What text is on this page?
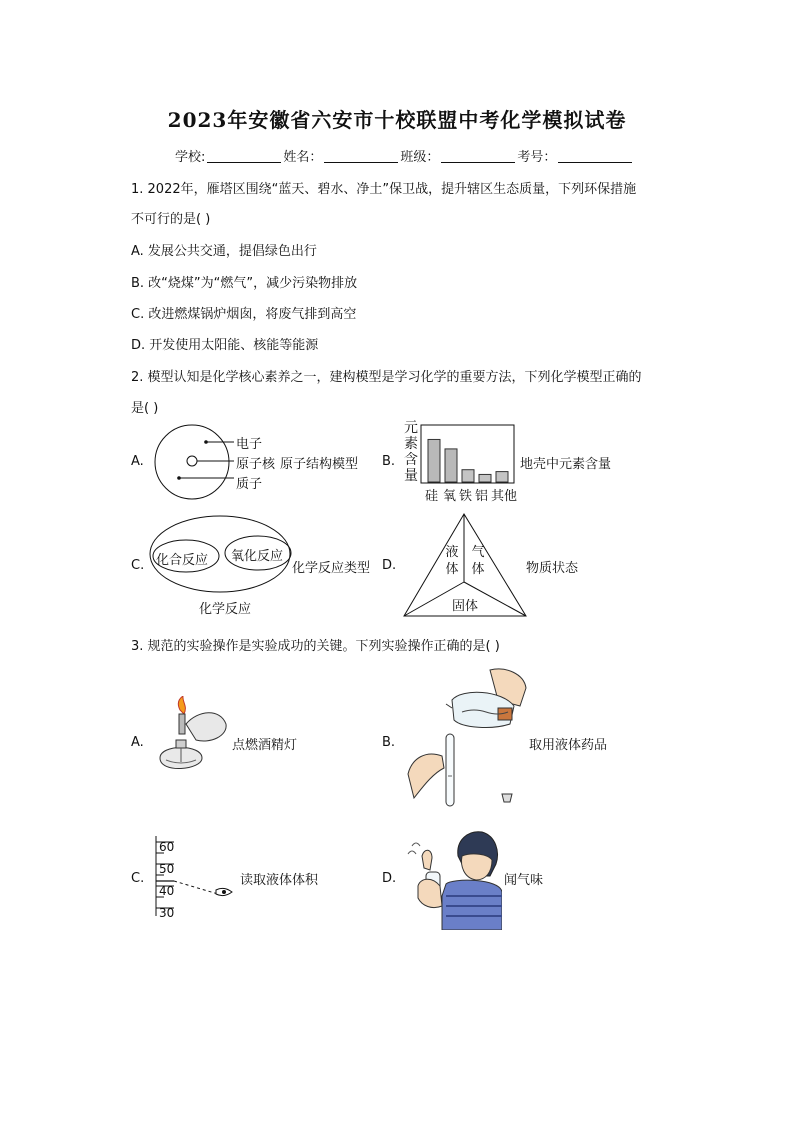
2023年安徽省六安市十校联盟中考化学模拟试卷
学校:	姓名：	班级：	考号：
1. 2022年，雁塔区围绕“蓝天、碧水、净土”保卫战，提升辖区生态质量，下列环保措施
不可行的是( )
A. 发展公共交通，提倡绿色出行
B. 改“烧煤”为“燃气”，减少污染物排放
C. 改进燃煤锅炉烟囱，将废气排到高空
D. 开发使用太阳能、核能等能源
2. 模型认知是化学核心素养之一，建构模型是学习化学的重要方法，下列化学模型正确的
是( )
A.
电子
原子核 原子结构模型
质子
B.
元
素
含
量
硅 氧 铁 铝 其他
地壳中元素含量
C. 化合反应 氧化反应
化学反应类型
化学反应
D.
液
体
气
体
固体
物质状态
3. 规范的实验操作是实验成功的关键。下列实验操作正确的是( )
A.	点燃酒精灯	B.	取用液体药品
C.
60
50
40
30
读取液体体积	D.	闻气味
